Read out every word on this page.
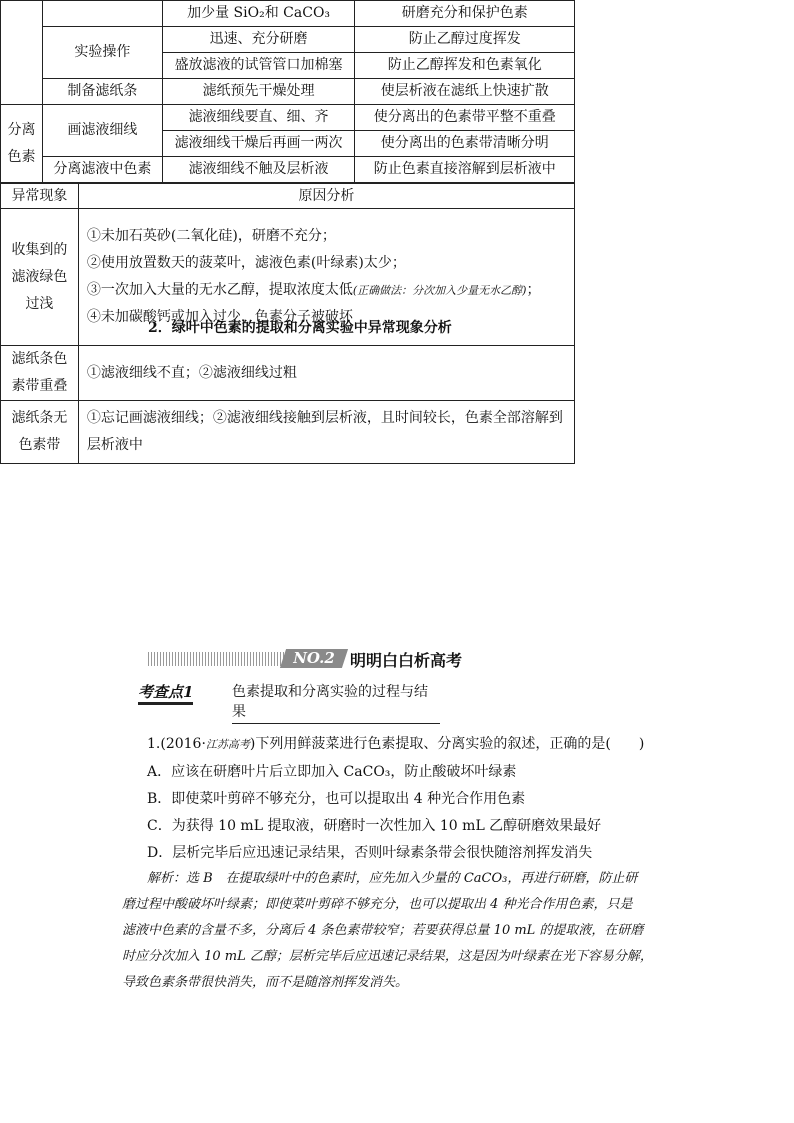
		加少量 SiO₂和 CaCO₃	研磨充分和保护色素
	实验操作	迅速、充分研磨	防止乙醇过度挥发
		盛放滤液的试管管口加棉塞	防止乙醇挥发和色素氧化
	制备滤纸条	滤纸预先干燥处理	使层析液在滤纸上快速扩散
分离色素	画滤液细线	滤液细线要直、细、齐	使分离出的色素带平整不重叠
		滤液细线干燥后再画一两次	使分离出的色素带清晰分明
	分离滤液中色素	滤液细线不触及层析液	防止色素直接溶解到层析液中
2．绿叶中色素的提取和分离实验中异常现象分析
异常现象	原因分析
收集到的滤液绿色过浅	①未加石英砂(二氧化硅)，研磨不充分；
②使用放置数天的菠菜叶，滤液色素(叶绿素)太少；
③一次加入大量的无水乙醇，提取浓度太低(正确做法：分次加入少量无水乙醇)；
④未加碳酸钙或加入过少，色素分子被破坏

滤纸条色素带重叠	①滤液细线不直；②滤液细线过粗
滤纸条无色素带	①忘记画滤液细线；②滤液细线接触到层析液，且时间较长，色素全部溶解到层析液中
NO.2 明明白白析高考
考查点1	色素提取和分离实验的过程与结果
1.(2016·江苏高考)下列用鲜菠菜进行色素提取、分离实验的叙述，正确的是(　　)
A．应该在研磨叶片后立即加入 CaCO₃，防止酸破坏叶绿素
B．即使菜叶剪碎不够充分，也可以提取出 4 种光合作用色素
C．为获得 10 mL 提取液，研磨时一次性加入 10 mL 乙醇研磨效果最好
D．层析完毕后应迅速记录结果，否则叶绿素条带会很快随溶剂挥发消失
解析：选 B　在提取绿叶中的色素时，应先加入少量的 CaCO₃，再进行研磨，防止研
磨过程中酸破坏叶绿素；即使菜叶剪碎不够充分，也可以提取出 4 种光合作用色素，只是
滤液中色素的含量不多，分离后 4 条色素带较窄；若要获得总量 10 mL 的提取液，在研磨
时应分次加入 10 mL 乙醇；层析完毕后应迅速记录结果，这是因为叶绿素在光下容易分解，
导致色素条带很快消失，而不是随溶剂挥发消失。
